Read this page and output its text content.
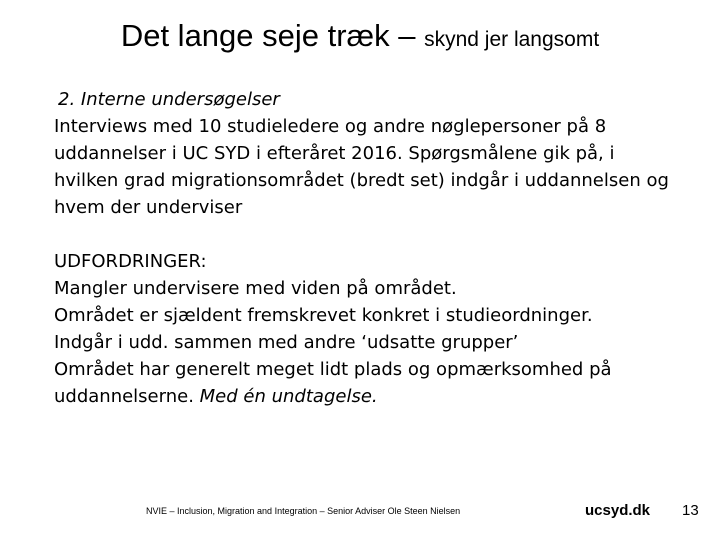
Det lange seje træk – skynd jer langsomt

2. Interne undersøgelser

Interviews med 10 studieledere og andre nøglepersoner på 8 uddannelser i UC SYD i efteråret 2016. Spørgsmålene gik på, i hvilken grad migrationsområdet (bredt set) indgår i uddannelsen og hvem der underviser

UDFORDRINGER:

Mangler undervisere med viden på området.

Området er sjældent fremskrevet konkret i studieordninger.

Indgår i udd. sammen med andre ‘udsatte grupper’

Området har generelt meget lidt plads og opmærksomhed på uddannelserne. Med én undtagelse.

NVIE – Inclusion, Migration and Integration – Senior Adviser Ole Steen Nielsen	ucsyd.dk 13
